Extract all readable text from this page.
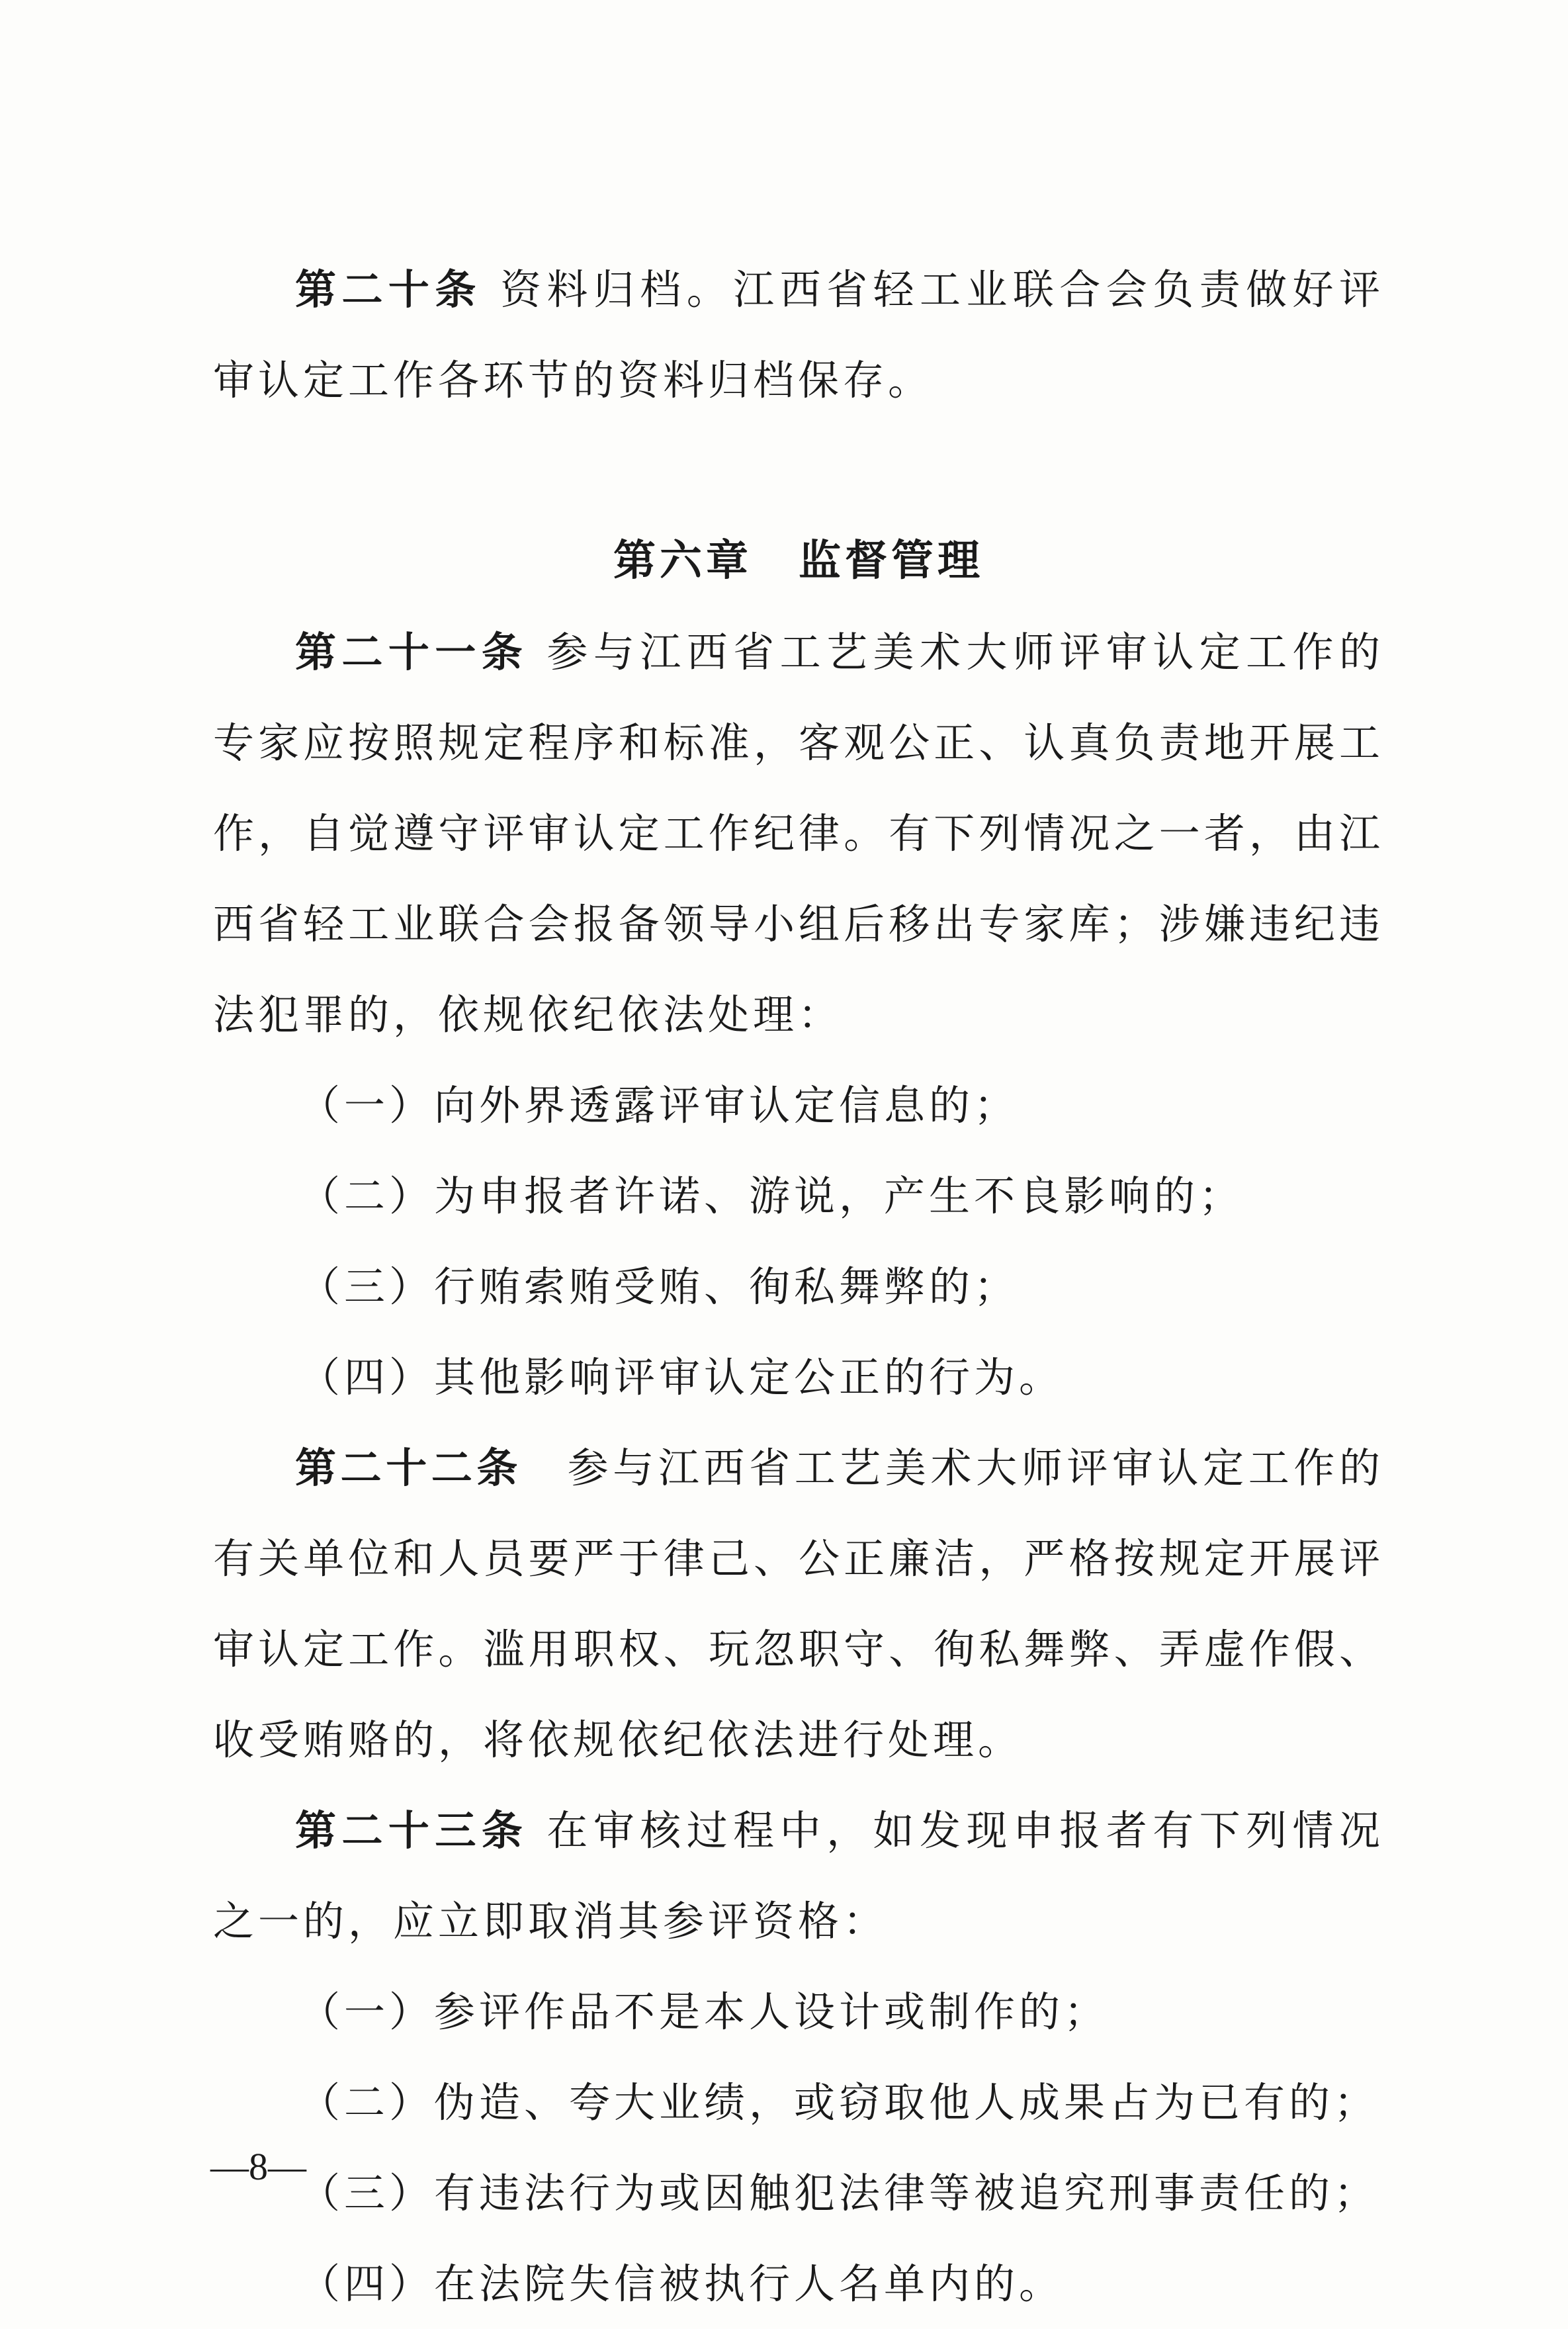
第二十条 资料归档。江西省轻工业联合会负责做好评审认定工作各环节的资料归档保存。

第六章　监督管理

第二十一条 参与江西省工艺美术大师评审认定工作的专家应按照规定程序和标准，客观公正、认真负责地开展工作，自觉遵守评审认定工作纪律。有下列情况之一者，由江西省轻工业联合会报备领导小组后移出专家库；涉嫌违纪违法犯罪的，依规依纪依法处理：

（一）向外界透露评审认定信息的；

（二）为申报者许诺、游说，产生不良影响的；

（三）行贿索贿受贿、徇私舞弊的；

（四）其他影响评审认定公正的行为。

第二十二条　参与江西省工艺美术大师评审认定工作的有关单位和人员要严于律己、公正廉洁，严格按规定开展评审认定工作。滥用职权、玩忽职守、徇私舞弊、弄虚作假、收受贿赂的，将依规依纪依法进行处理。

第二十三条 在审核过程中，如发现申报者有下列情况之一的，应立即取消其参评资格：

（一）参评作品不是本人设计或制作的；

（二）伪造、夸大业绩，或窃取他人成果占为已有的；

（三）有违法行为或因触犯法律等被追究刑事责任的；

（四）在法院失信被执行人名单内的。

—8—
